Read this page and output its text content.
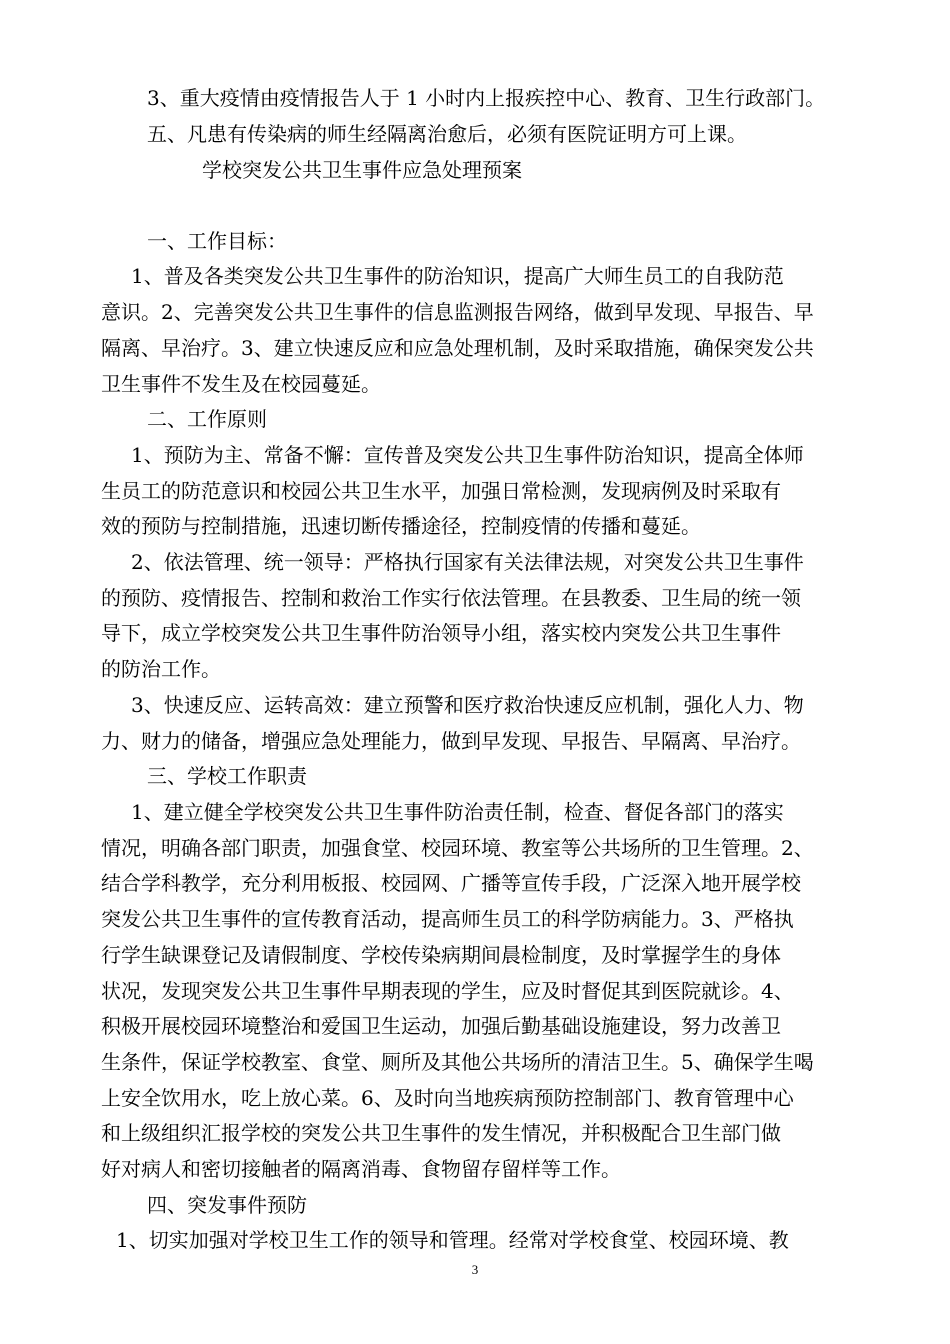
3、重大疫情由疫情报告人于 1 小时内上报疾控中心、教育、卫生行政部门。
五、凡患有传染病的师生经隔离治愈后，必须有医院证明方可上课。
学校突发公共卫生事件应急处理预案
一、工作目标：
1、普及各类突发公共卫生事件的防治知识，提高广大师生员工的自我防范
意识。2、完善突发公共卫生事件的信息监测报告网络，做到早发现、早报告、早
隔离、早治疗。3、建立快速反应和应急处理机制，及时采取措施，确保突发公共
卫生事件不发生及在校园蔓延。
二、工作原则
1、预防为主、常备不懈：宣传普及突发公共卫生事件防治知识，提高全体师
生员工的防范意识和校园公共卫生水平，加强日常检测，发现病例及时采取有
效的预防与控制措施，迅速切断传播途径，控制疫情的传播和蔓延。
2、依法管理、统一领导：严格执行国家有关法律法规，对突发公共卫生事件
的预防、疫情报告、控制和救治工作实行依法管理。在县教委、卫生局的统一领
导下，成立学校突发公共卫生事件防治领导小组，落实校内突发公共卫生事件
的防治工作。
3、快速反应、运转高效：建立预警和医疗救治快速反应机制，强化人力、物
力、财力的储备，增强应急处理能力，做到早发现、早报告、早隔离、早治疗。
三、学校工作职责
1、建立健全学校突发公共卫生事件防治责任制，检查、督促各部门的落实
情况，明确各部门职责，加强食堂、校园环境、教室等公共场所的卫生管理。2、
结合学科教学，充分利用板报、校园网、广播等宣传手段，广泛深入地开展学校
突发公共卫生事件的宣传教育活动，提高师生员工的科学防病能力。3、严格执
行学生缺课登记及请假制度、学校传染病期间晨检制度，及时掌握学生的身体
状况，发现突发公共卫生事件早期表现的学生，应及时督促其到医院就诊。4、
积极开展校园环境整治和爱国卫生运动，加强后勤基础设施建设，努力改善卫
生条件，保证学校教室、食堂、厕所及其他公共场所的清洁卫生。5、确保学生喝
上安全饮用水，吃上放心菜。6、及时向当地疾病预防控制部门、教育管理中心
和上级组织汇报学校的突发公共卫生事件的发生情况，并积极配合卫生部门做
好对病人和密切接触者的隔离消毒、食物留存留样等工作。
四、突发事件预防
1、切实加强对学校卫生工作的领导和管理。经常对学校食堂、校园环境、教
3
